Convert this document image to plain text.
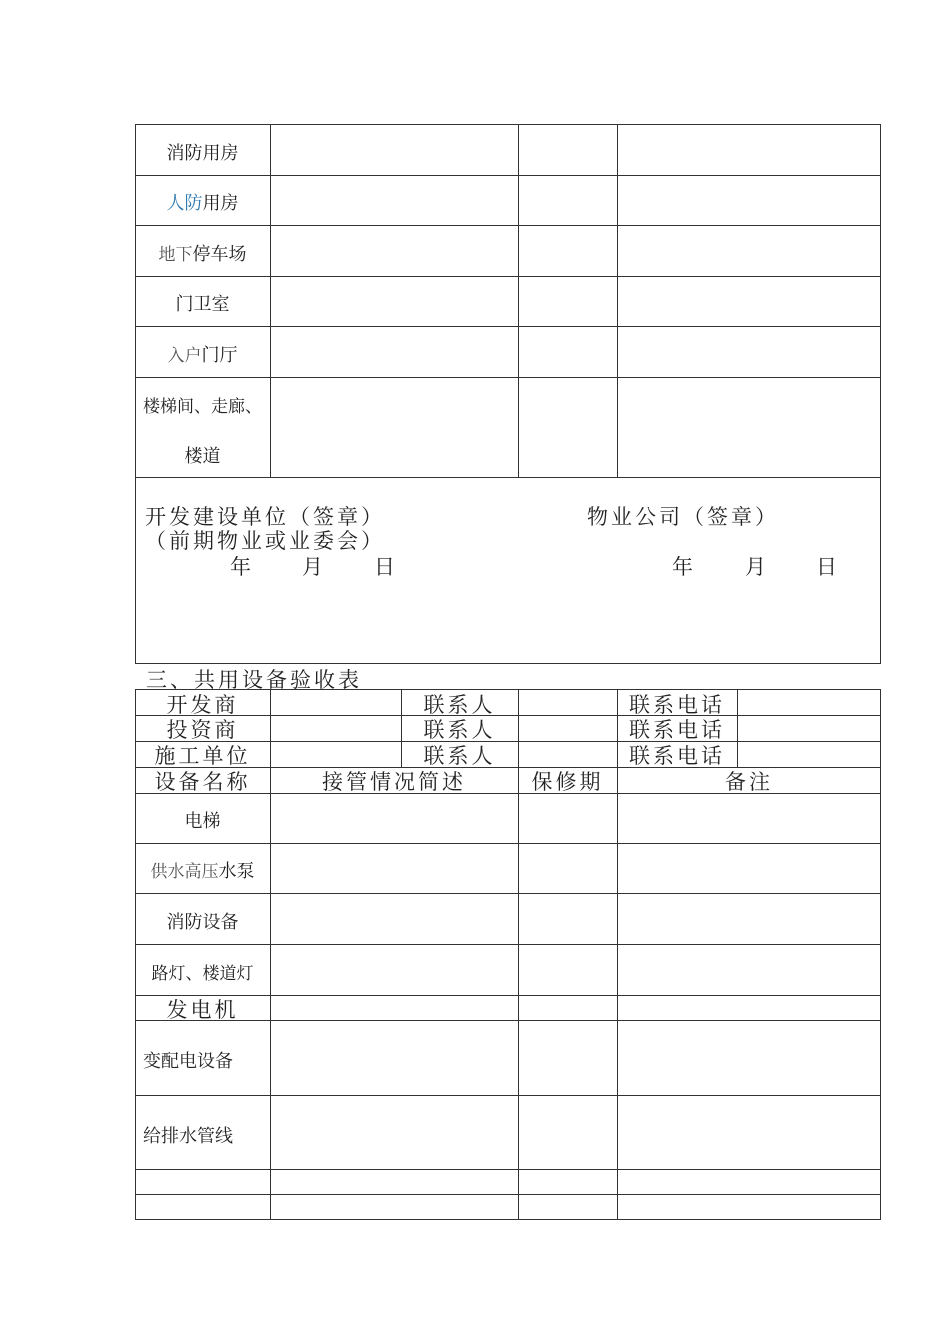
消防用房
人防用房
地下停车场
门卫室
入户门厅
楼梯间、走廊、
楼道
开发建设单位（签章）
（前期物业或业委会）
物业公司（签章）
年 月 日	年 月 日
三、共用设备验收表
开发商	联系人	联系电话
投资商	联系人	联系电话
施工单位	联系人	联系电话
设备名称	接管情况简述	保修期	备注
电梯
供水高压水泵
消防设备
路灯、楼道灯
发电机
变配电设备
给排水管线
